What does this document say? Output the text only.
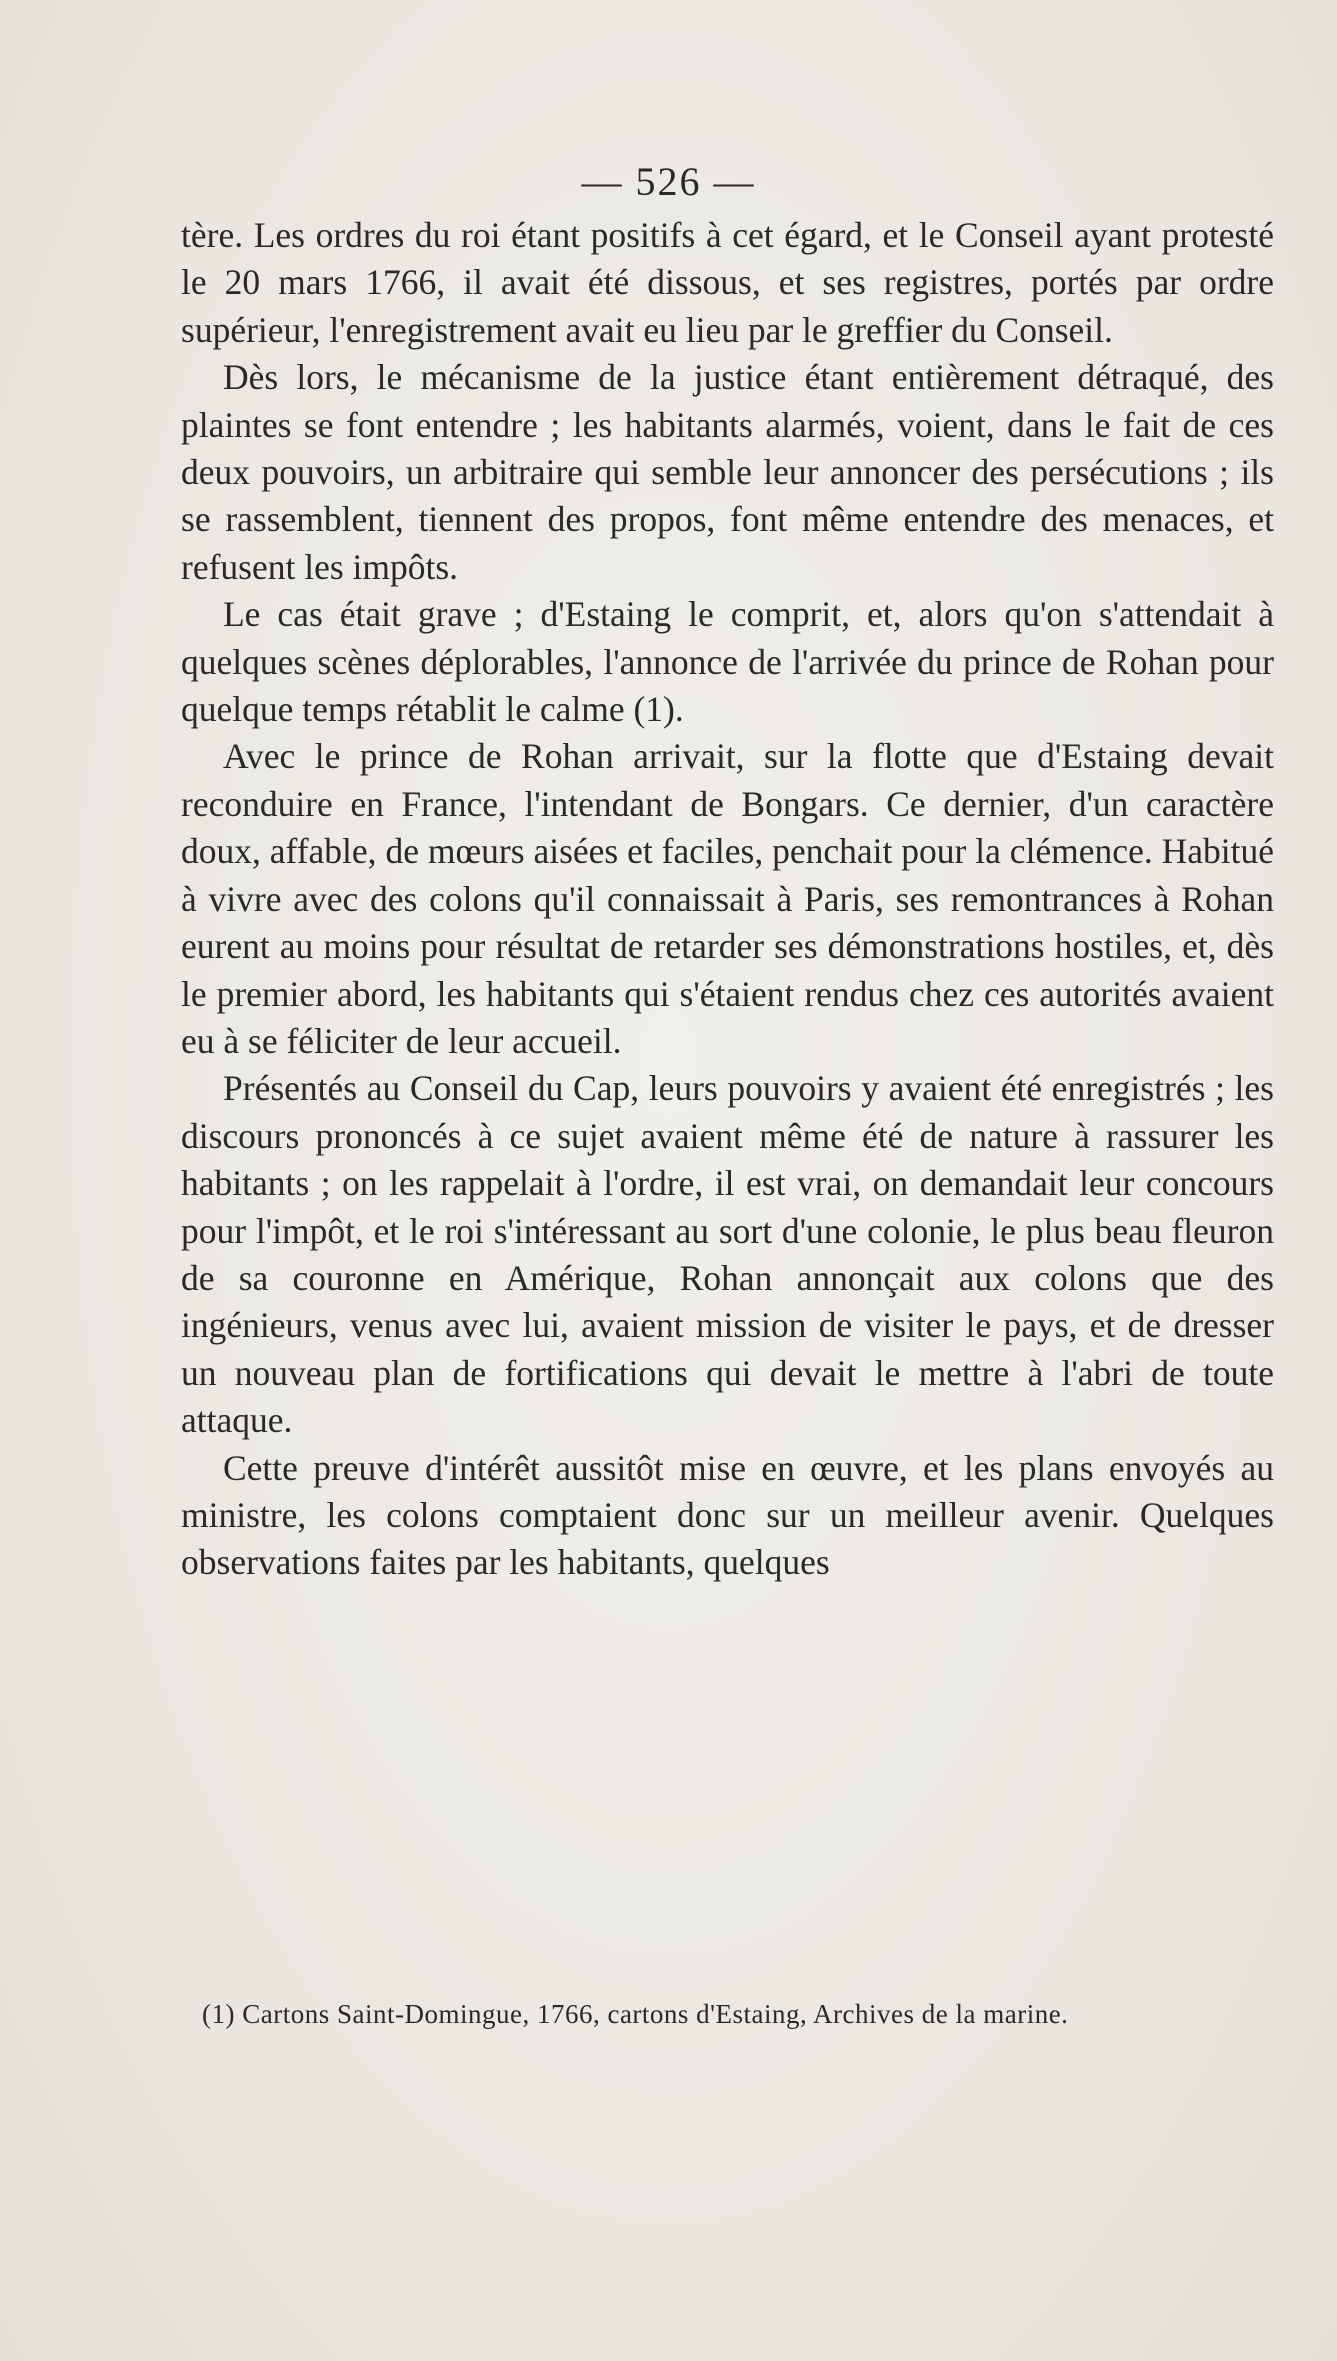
— 526 —

tère. Les ordres du roi étant positifs à cet égard, et le Conseil ayant protesté le 20 mars 1766, il avait été dissous, et ses registres, portés par ordre supérieur, l'enregistrement avait eu lieu par le greffier du Conseil.

Dès lors, le mécanisme de la justice étant entièrement détraqué, des plaintes se font entendre ; les habitants alarmés, voient, dans le fait de ces deux pouvoirs, un arbitraire qui semble leur annoncer des persécutions ; ils se rassemblent, tiennent des propos, font même entendre des menaces, et refusent les impôts.

Le cas était grave ; d'Estaing le comprit, et, alors qu'on s'attendait à quelques scènes déplorables, l'annonce de l'arrivée du prince de Rohan pour quelque temps rétablit le calme (1).

Avec le prince de Rohan arrivait, sur la flotte que d'Estaing devait reconduire en France, l'intendant de Bongars. Ce dernier, d'un caractère doux, affable, de mœurs aisées et faciles, penchait pour la clémence. Habitué à vivre avec des colons qu'il connaissait à Paris, ses remontrances à Rohan eurent au moins pour résultat de retarder ses démonstrations hostiles, et, dès le premier abord, les habitants qui s'étaient rendus chez ces autorités avaient eu à se féliciter de leur accueil.

Présentés au Conseil du Cap, leurs pouvoirs y avaient été enregistrés ; les discours prononcés à ce sujet avaient même été de nature à rassurer les habitants ; on les rappelait à l'ordre, il est vrai, on demandait leur concours pour l'impôt, et le roi s'intéressant au sort d'une colonie, le plus beau fleuron de sa couronne en Amérique, Rohan annonçait aux colons que des ingénieurs, venus avec lui, avaient mission de visiter le pays, et de dresser un nouveau plan de fortifications qui devait le mettre à l'abri de toute attaque.

Cette preuve d'intérêt aussitôt mise en œuvre, et les plans envoyés au ministre, les colons comptaient donc sur un meilleur avenir. Quelques observations faites par les habitants, quelques

(1) Cartons Saint-Domingue, 1766, cartons d'Estaing, Archives de la marine.
